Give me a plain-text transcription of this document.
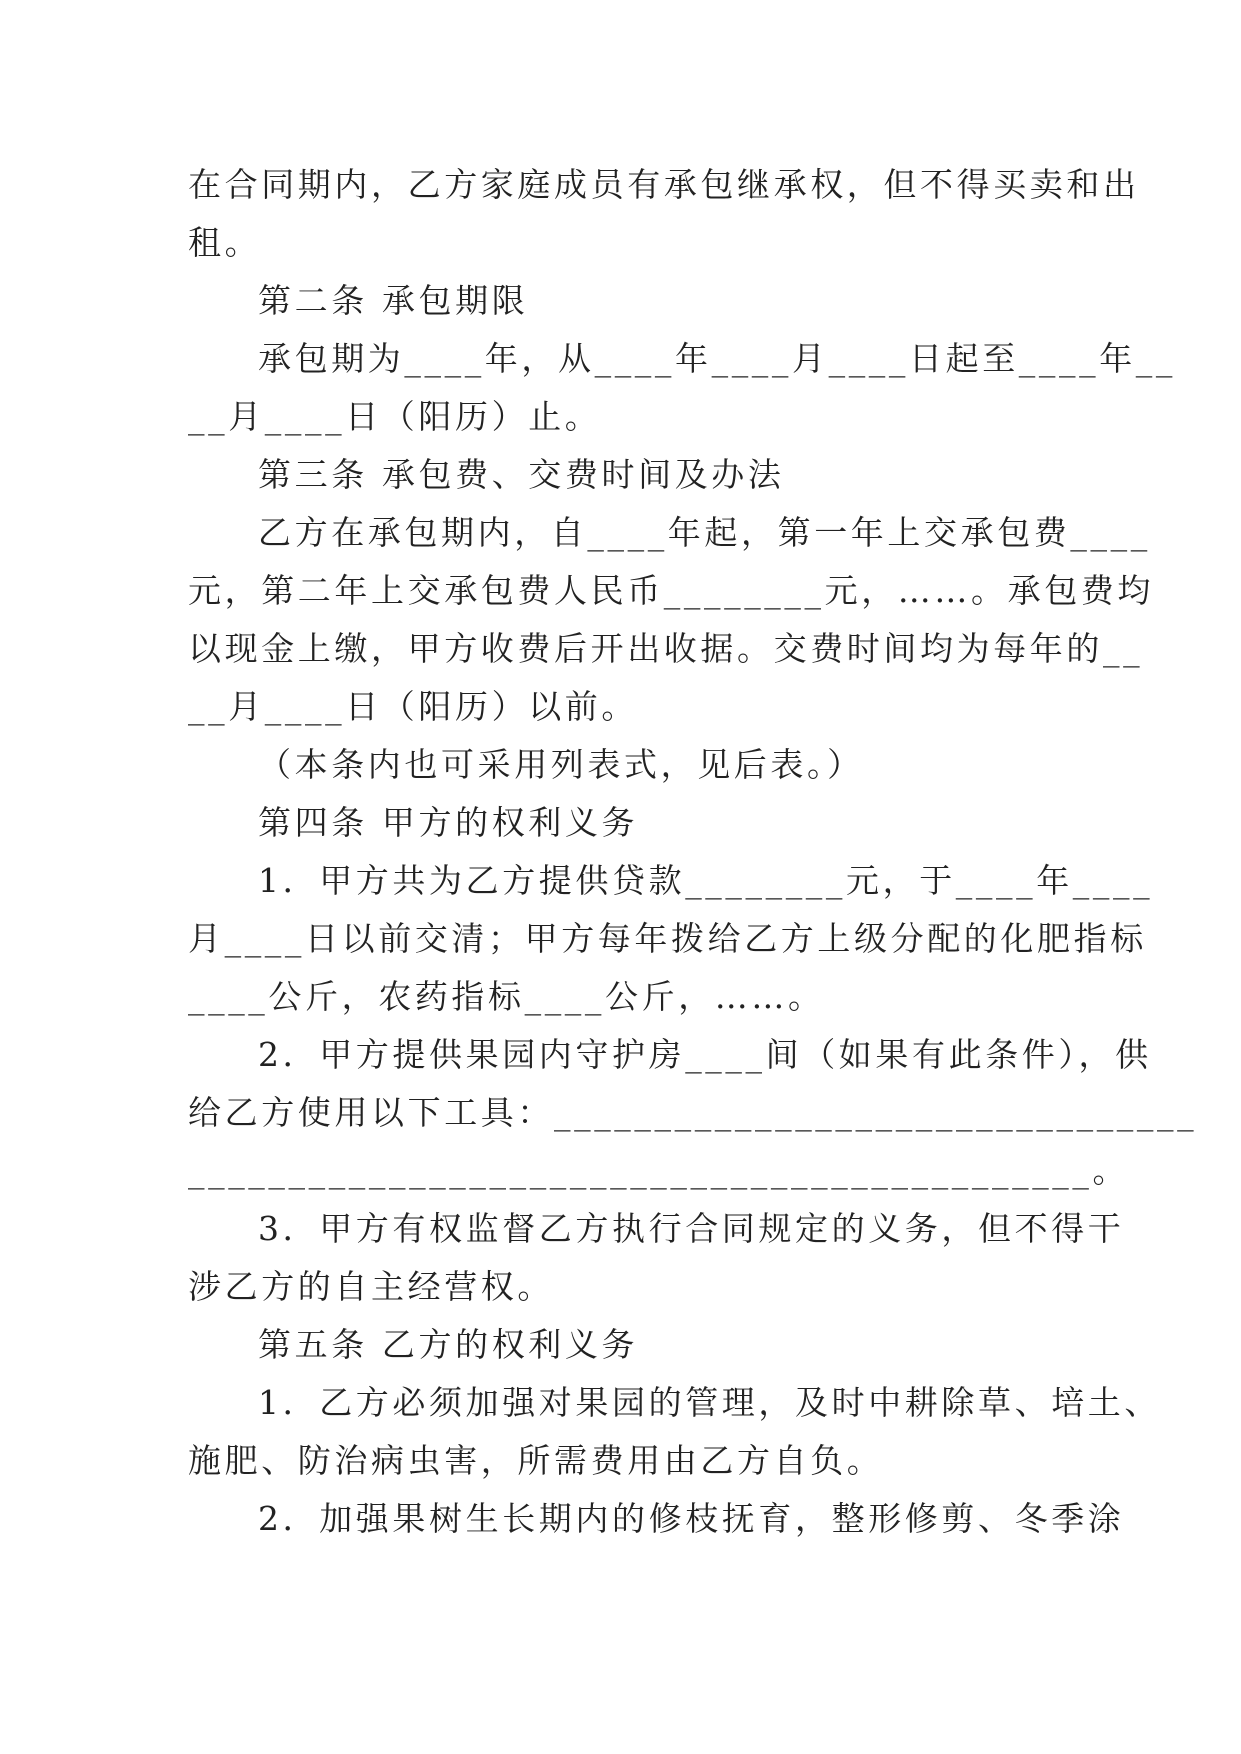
在合同期内，乙方家庭成员有承包继承权，但不得买卖和出
租。
第二条 承包期限
承包期为____年，从____年____月____日起至____年__
__月____日（阳历）止。
第三条 承包费、交费时间及办法
乙方在承包期内，自____年起，第一年上交承包费____
元，第二年上交承包费人民币________元，……。承包费均
以现金上缴，甲方收费后开出收据。交费时间均为每年的__
__月____日（阳历）以前。
（本条内也可采用列表式，见后表。）
第四条 甲方的权利义务
1．甲方共为乙方提供贷款________元，于____年____
月____日以前交清；甲方每年拨给乙方上级分配的化肥指标
____公斤，农药指标____公斤，……。
2．甲方提供果园内守护房____间（如果有此条件），供
给乙方使用以下工具：________________________________
_____________________________________________。
3．甲方有权监督乙方执行合同规定的义务，但不得干
涉乙方的自主经营权。
第五条 乙方的权利义务
1．乙方必须加强对果园的管理，及时中耕除草、培土、
施肥、防治病虫害，所需费用由乙方自负。
2．加强果树生长期内的修枝抚育，整形修剪、冬季涂
